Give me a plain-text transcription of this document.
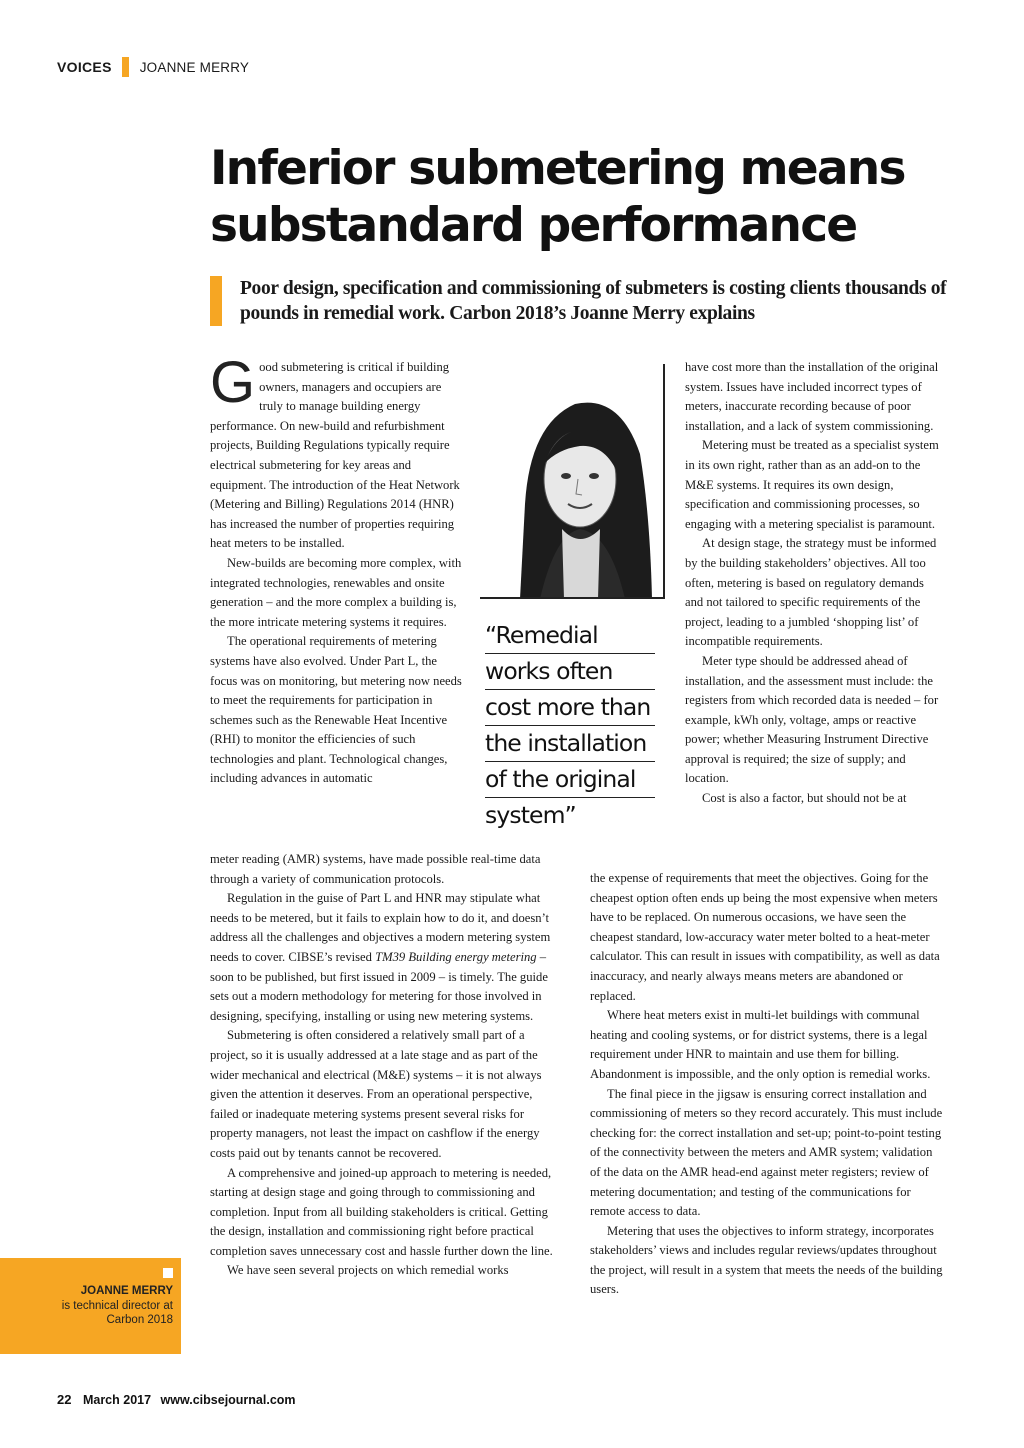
VOICES JOANNE MERRY
Inferior submetering means
substandard performance

Poor design, specification and commissioning of submeters is costing clients thousands of pounds in remedial work. Carbon 2018’s Joanne Merry explains

Good submetering is critical if building owners, managers and occupiers are truly to manage building energy performance. On new-build and refurbishment projects, Building Regulations typically require electrical submetering for key areas and equipment. The introduction of the Heat Network (Metering and Billing) Regulations 2014 (HNR) has increased the number of properties requiring heat meters to be installed.

New-builds are becoming more complex, with integrated technologies, renewables and onsite generation – and the more complex a building is, the more intricate metering systems it requires.

The operational requirements of metering systems have also evolved. Under Part L, the focus was on monitoring, but metering now needs to meet the requirements for participation in schemes such as the Renewable Heat Incentive (RHI) to monitor the efficiencies of such technologies and plant. Technological changes, including advances in automatic

meter reading (AMR) systems, have made possible real-time data through a variety of communication protocols.

Regulation in the guise of Part L and HNR may stipulate what needs to be metered, but it fails to explain how to do it, and doesn’t address all the challenges and objectives a modern metering system needs to cover. CIBSE’s revised TM39 Building energy metering – soon to be published, but first issued in 2009 – is timely. The guide sets out a modern methodology for metering for those involved in designing, specifying, installing or using new metering systems.

Submetering is often considered a relatively small part of a project, so it is usually addressed at a late stage and as part of the wider mechanical and electrical (M&E) systems – it is not always given the attention it deserves. From an operational perspective, failed or inadequate metering systems present several risks for property managers, not least the impact on cashflow if the energy costs paid out by tenants cannot be recovered.

A comprehensive and joined-up approach to metering is needed, starting at design stage and going through to commissioning and completion. Input from all building stakeholders is critical. Getting the design, installation and commissioning right before practical completion saves unnecessary cost and hassle further down the line.

We have seen several projects on which remedial works

“Remedial
works often
cost more than
the installation
of the original
system”

have cost more than the installation of the original system. Issues have included incorrect types of meters, inaccurate recording because of poor installation, and a lack of system commissioning.

Metering must be treated as a specialist system in its own right, rather than as an add-on to the M&E systems. It requires its own design, specification and commissioning processes, so engaging with a metering specialist is paramount.

At design stage, the strategy must be informed by the building stakeholders’ objectives. All too often, metering is based on regulatory demands and not tailored to specific requirements of the project, leading to a jumbled ‘shopping list’ of incompatible requirements.

Meter type should be addressed ahead of installation, and the assessment must include: the registers from which recorded data is needed – for example, kWh only, voltage, amps or reactive power; whether Measuring Instrument Directive approval is required; the size of supply; and location.

Cost is also a factor, but should not be at

the expense of requirements that meet the objectives. Going for the cheapest option often ends up being the most expensive when meters have to be replaced. On numerous occasions, we have seen the cheapest standard, low-accuracy water meter bolted to a heat-meter calculator. This can result in issues with compatibility, as well as data inaccuracy, and nearly always means meters are abandoned or replaced.

Where heat meters exist in multi-let buildings with communal heating and cooling systems, or for district systems, there is a legal requirement under HNR to maintain and use them for billing. Abandonment is impossible, and the only option is remedial works.

The final piece in the jigsaw is ensuring correct installation and commissioning of meters so they record accurately. This must include checking for: the correct installation and set-up; point-to-point testing of the connectivity between the meters and AMR system; validation of the data on the AMR head-end against meter registers; review of metering documentation; and testing of the communications for remote access to data.

Metering that uses the objectives to inform strategy, incorporates stakeholders’ views and includes regular reviews/updates throughout the project, will result in a system that meets the needs of the building users.

JOANNE MERRY
is technical director at
Carbon 2018
22 March 2017 www.cibsejournal.com
